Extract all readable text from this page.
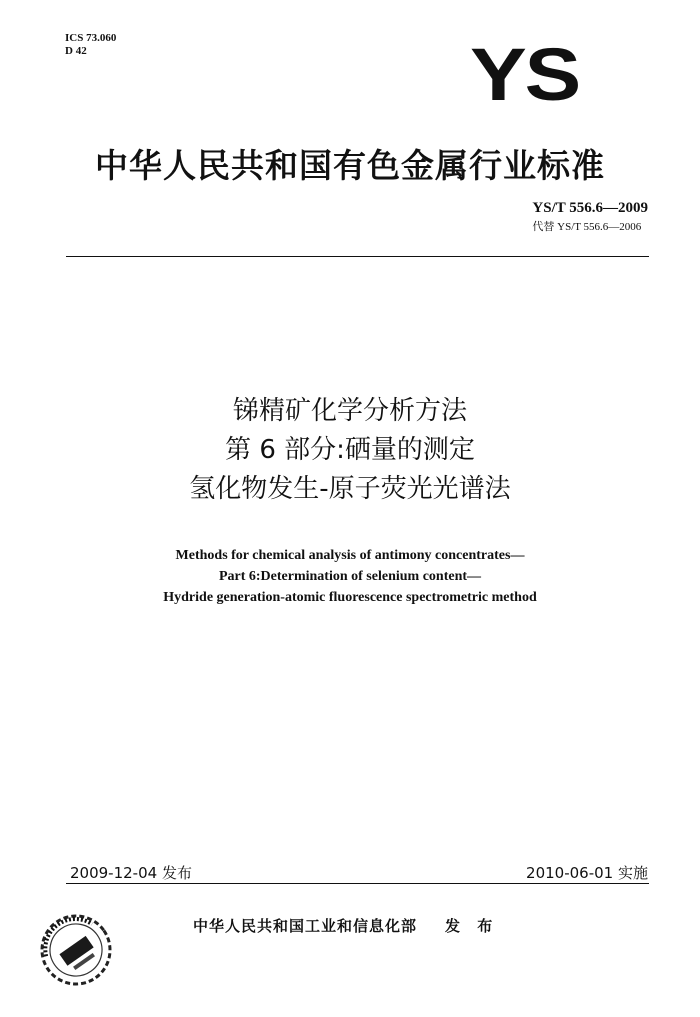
ICS 73.060
D 42	YS
中华人民共和国有色金属行业标准
YS/T 556.6—2009
代替 YS/T 556.6—2006
锑精矿化学分析方法
第 6 部分:硒量的测定
氢化物发生-原子荧光光谱法
Methods for chemical analysis of antimony concentrates—
Part 6:Determination of selenium content—
Hydride generation-atomic fluorescence spectrometric method
2009-12-04 发布	2010-06-01 实施
中华人民共和国工业和信息化部 发 布
